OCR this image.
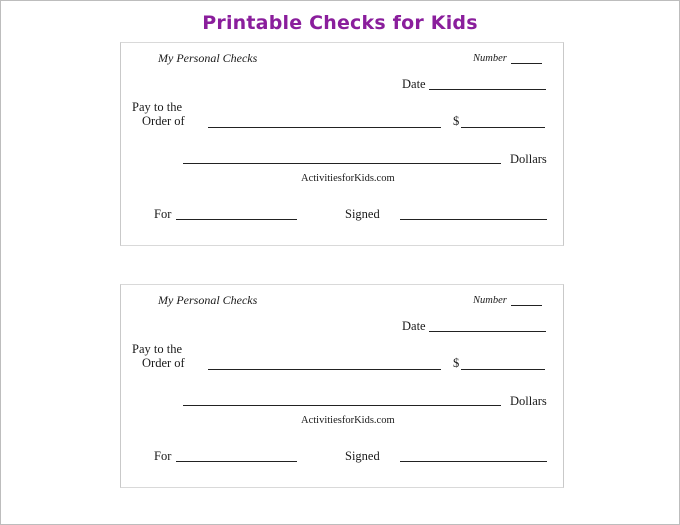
Printable Checks for Kids
My Personal Checks	Number
Date
Pay to the
Order of	$
Dollars
ActivitiesforKids.com
For	Signed
My Personal Checks	Number
Date
Pay to the
Order of	$
Dollars
ActivitiesforKids.com
For	Signed
